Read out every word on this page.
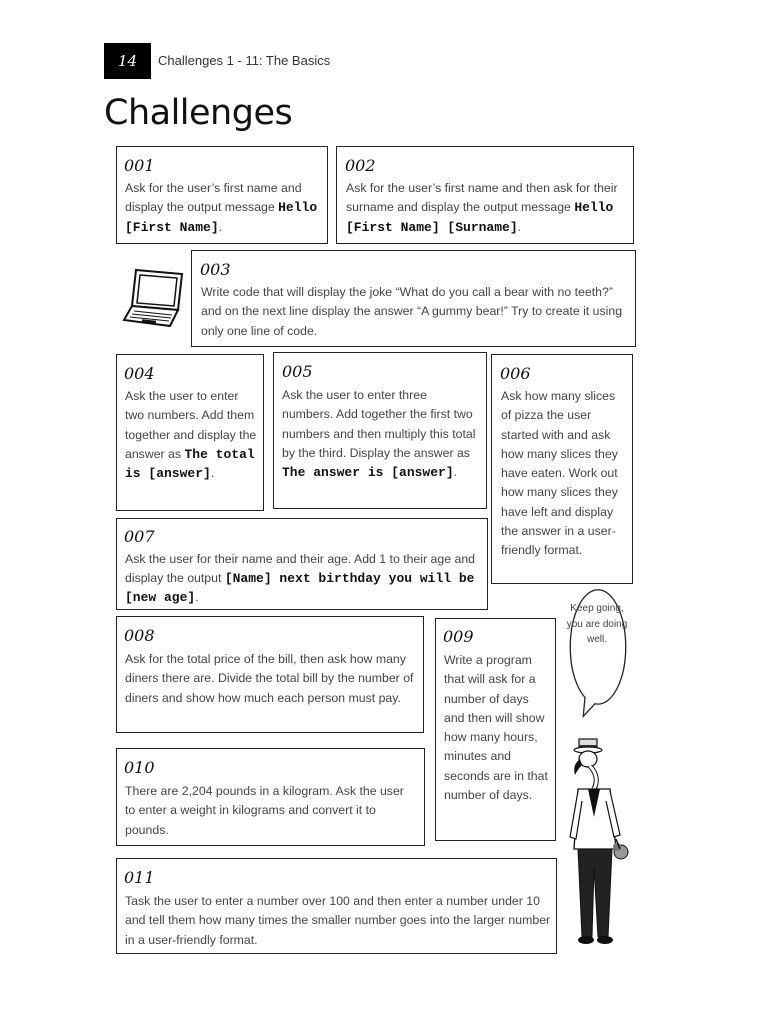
14	Challenges 1 - 11: The Basics
Challenges
001
Ask for the user’s first name and display the output message Hello [First Name].
002
Ask for the user’s first name and then ask for their surname and display the output message Hello [First Name] [Surname].
003
Write code that will display the joke “What do you call a bear with no teeth?” and on the next line display the answer “A gummy bear!” Try to create it using only one line of code.
004
Ask the user to enter two numbers. Add them together and display the answer as The total is [answer].
005
Ask the user to enter three numbers. Add together the first two numbers and then multiply this total by the third. Display the answer as The answer is [answer].
006
Ask how many slices of pizza the user started with and ask how many slices they have eaten. Work out how many slices they have left and display the answer in a user-friendly format.
007
Ask the user for their name and their age. Add 1 to their age and display the output [Name] next birthday you will be [new age].
008
Ask for the total price of the bill, then ask how many diners there are. Divide the total bill by the number of diners and show how much each person must pay.
009
Write a program that will ask for a number of days and then will show how many hours, minutes and seconds are in that number of days.
010
There are 2,204 pounds in a kilogram. Ask the user to enter a weight in kilograms and convert it to pounds.
011
Task the user to enter a number over 100 and then enter a number under 10 and tell them how many times the smaller number goes into the larger number in a user-friendly format.
Keep going, you are doing well.
